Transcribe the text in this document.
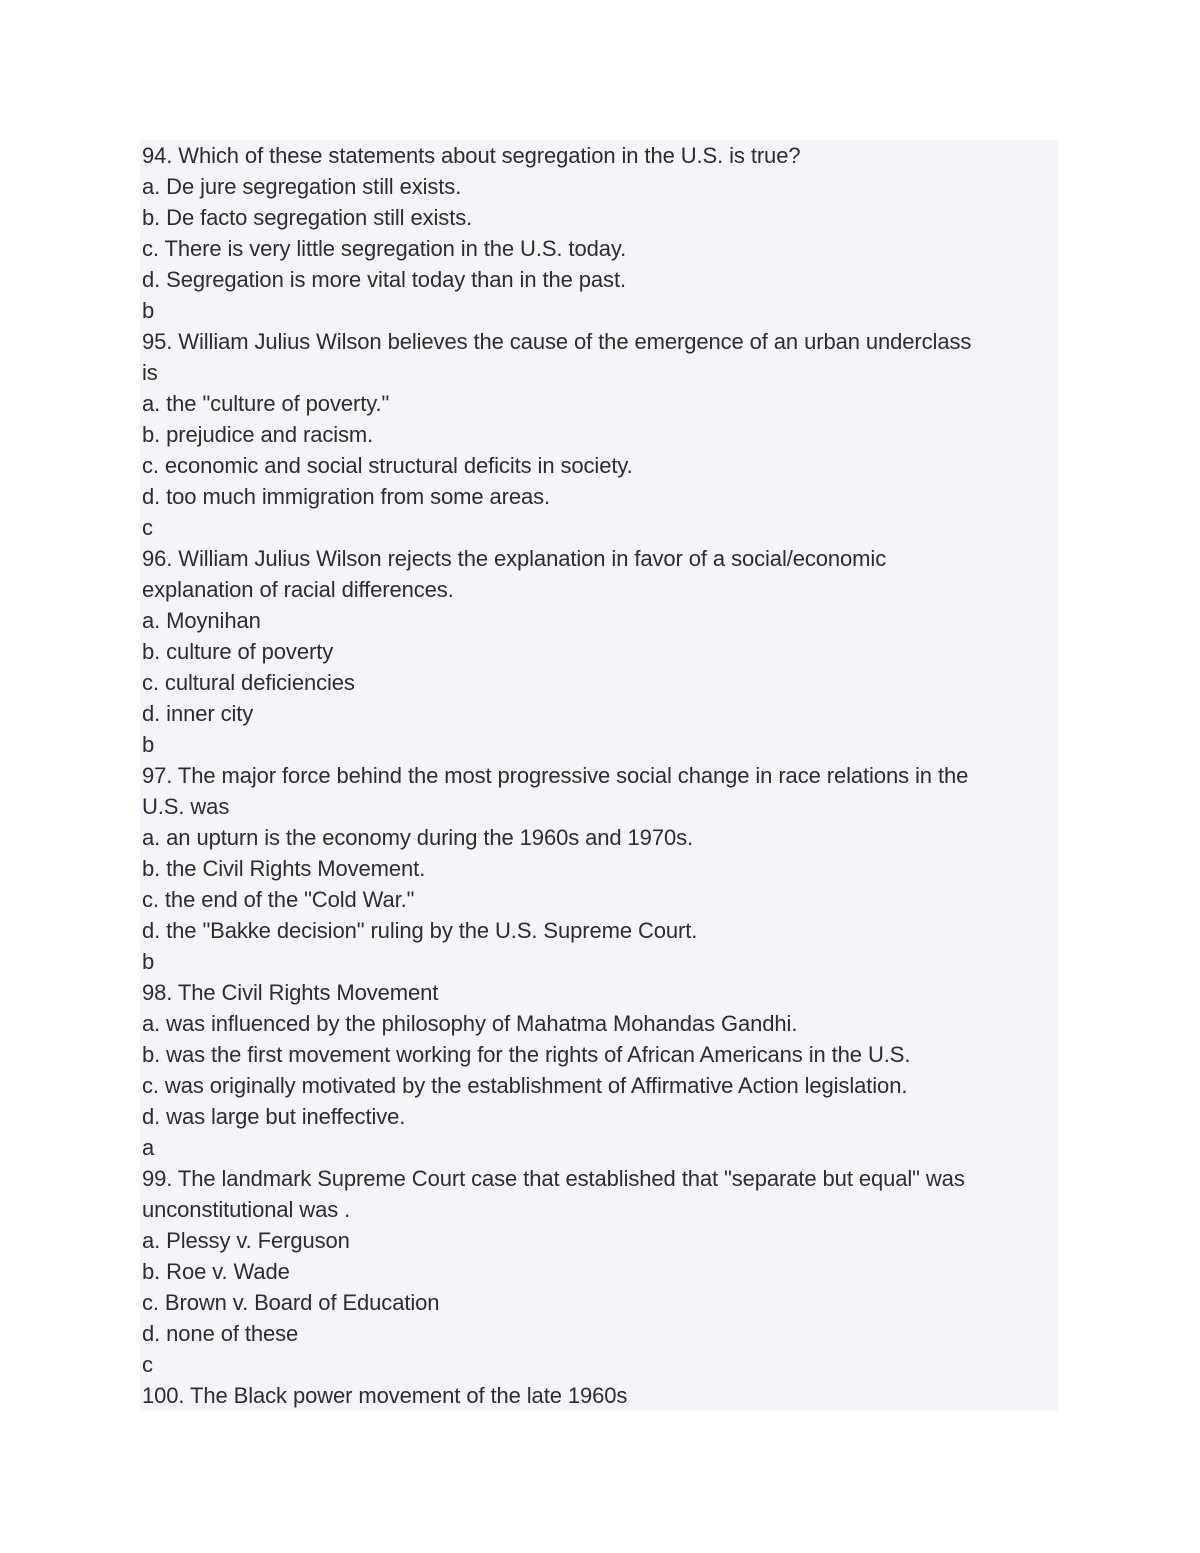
94. Which of these statements about segregation in the U.S. is true?
a. De jure segregation still exists.
b. De facto segregation still exists.
c. There is very little segregation in the U.S. today.
d. Segregation is more vital today than in the past.
b
95. William Julius Wilson believes the cause of the emergence of an urban underclass
is
a. the "culture of poverty."
b. prejudice and racism.
c. economic and social structural deficits in society.
d. too much immigration from some areas.
c
96. William Julius Wilson rejects the explanation in favor of a social/economic
explanation of racial differences.
a. Moynihan
b. culture of poverty
c. cultural deficiencies
d. inner city
b
97. The major force behind the most progressive social change in race relations in the
U.S. was
a. an upturn is the economy during the 1960s and 1970s.
b. the Civil Rights Movement.
c. the end of the "Cold War."
d. the "Bakke decision" ruling by the U.S. Supreme Court.
b
98. The Civil Rights Movement
a. was influenced by the philosophy of Mahatma Mohandas Gandhi.
b. was the first movement working for the rights of African Americans in the U.S.
c. was originally motivated by the establishment of Affirmative Action legislation.
d. was large but ineffective.
a
99. The landmark Supreme Court case that established that "separate but equal" was
unconstitutional was .
a. Plessy v. Ferguson
b. Roe v. Wade
c. Brown v. Board of Education
d. none of these
c
100. The Black power movement of the late 1960s
